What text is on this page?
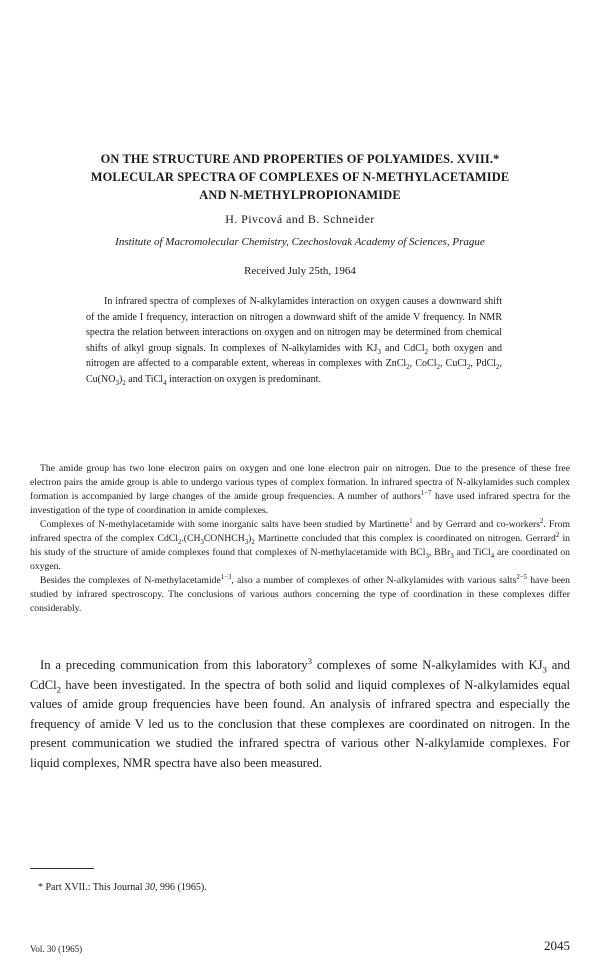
ON THE STRUCTURE AND PROPERTIES OF POLYAMIDES. XVIII.*
MOLECULAR SPECTRA OF COMPLEXES OF N-METHYLACETAMIDE
AND N-METHYLPROPIONAMIDE
H. Pivcová and B. Schneider
Institute of Macromolecular Chemistry, Czechoslovak Academy of Sciences, Prague
Received July 25th, 1964

In infrared spectra of complexes of N-alkylamides interaction on oxygen causes a downward shift of the amide I frequency, interaction on nitrogen a downward shift of the amide V frequency. In NMR spectra the relation between interactions on oxygen and on nitrogen may be determined from chemical shifts of alkyl group signals. In complexes of N-alkylamides with $KJ_3$ and CdCl$_2$ both oxygen and nitrogen are affected to a comparable extent, whereas in complexes with ZnCl$_2$, CoCl$_2$, CuCl$_2$, PdCl$_2$, $Cu(NO_3)_2$ and TiCl$_4$ interaction on oxygen is predominant.

The amide group has two lone electron pairs on oxygen and one lone electron pair on nitrogen. Due to the presence of these free electron pairs the amide group is able to undergo various types of complex formation. In infrared spectra of N-alkylamides such complex formation is accompanied by large changes of the amide group frequencies. A number of authors$^{1-7}$ have used infrared spectra for the investigation of the type of coordination in amide complexes.

Complexes of N-methylacetamide with some inorganic salts have been studied by Martinette$^1$ and by Gerrard and co-workers$^2$. From infrared spectra of the complex $CdCl_2.(CH_3CONHCH_3)_2$ Martinette concluded that this complex is coordinated on nitrogen. Gerrard$^2$ in his study of the structure of amide complexes found that complexes of N-methylacetamide with BCl$_3$, BBr$_3$ and TiCl$_4$ are coordinated on oxygen.

Besides the complexes of N-methylacetamide$^{1-3}$, also a number of complexes of other N-alkylamides with various salts$^{2-5}$ have been studied by infrared spectroscopy. The conclusions of various authors concerning the type of coordination in these complexes differ considerably.

In a preceding communication from this laboratory$^3$ complexes of some N-alkylamides with $KJ_3$ and CdCl$_2$ have been investigated. In the spectra of both solid and liquid complexes of N-alkylamides equal values of amide group frequencies have been found. An analysis of infrared spectra and especially the frequency of amide V led us to the conclusion that these complexes are coordinated on nitrogen. In the present communication we studied the infrared spectra of various other N-alkylamide complexes. For liquid complexes, NMR spectra have also been measured.

* Part XVII.: This Journal 30, 996 (1965).
Vol. 30 (1965)	2045
